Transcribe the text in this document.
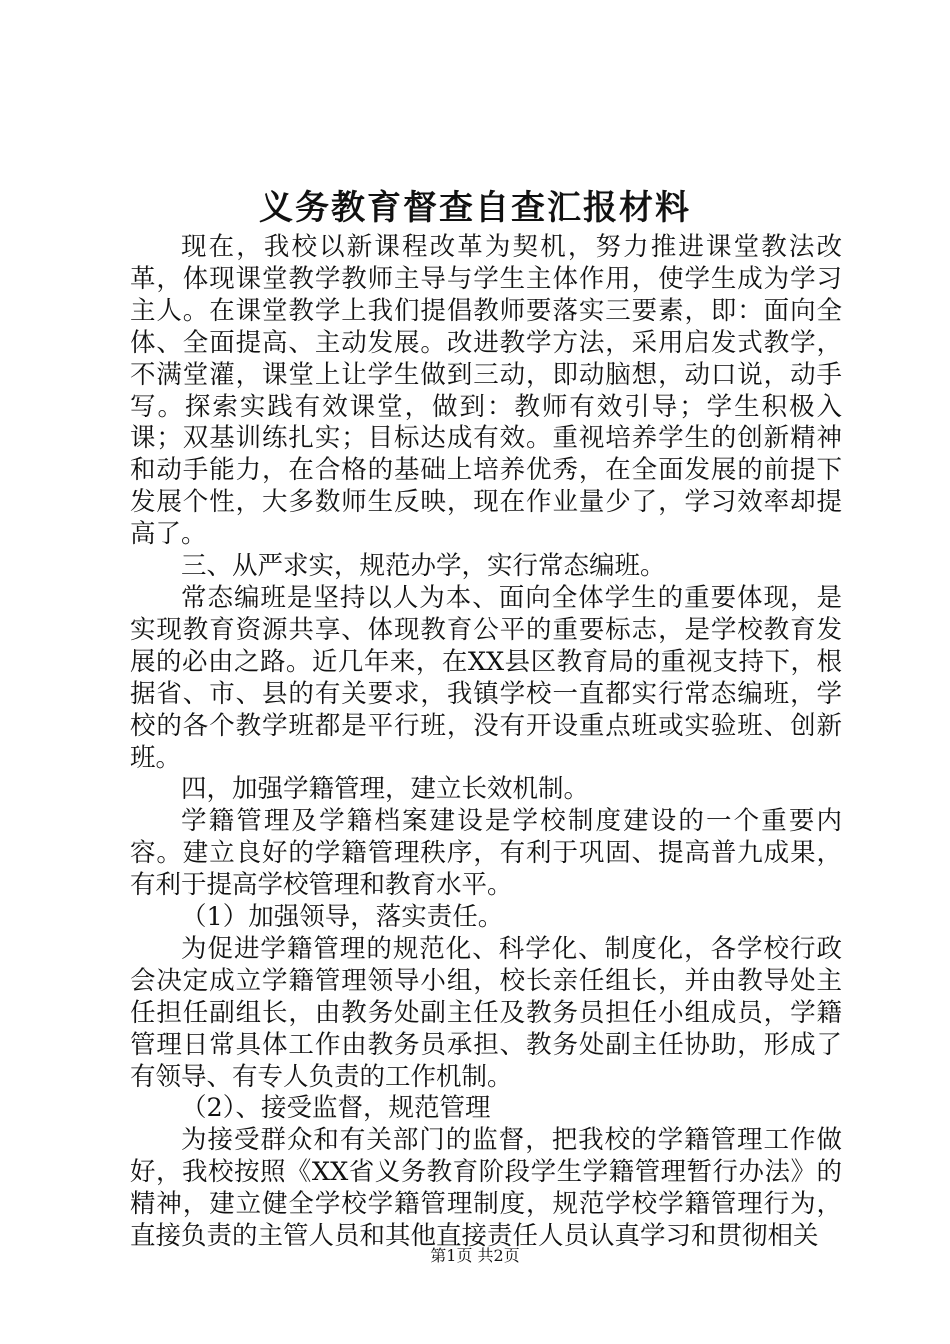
义务教育督查自查汇报材料

现在，我校以新课程改革为契机，努力推进课堂教法改革，体现课堂教学教师主导与学生主体作用，使学生成为学习主人。在课堂教学上我们提倡教师要落实三要素，即：面向全体、全面提高、主动发展。改进教学方法，采用启发式教学，不满堂灌，课堂上让学生做到三动，即动脑想，动口说，动手写。探索实践有效课堂，做到：教师有效引导；学生积极入课；双基训练扎实；目标达成有效。重视培养学生的创新精神和动手能力，在合格的基础上培养优秀，在全面发展的前提下发展个性，大多数师生反映，现在作业量少了，学习效率却提高了。

三、从严求实，规范办学，实行常态编班。

常态编班是坚持以人为本、面向全体学生的重要体现，是实现教育资源共享、体现教育公平的重要标志，是学校教育发展的必由之路。近几年来，在XX县区教育局的重视支持下，根据省、市、县的有关要求，我镇学校一直都实行常态编班，学校的各个教学班都是平行班，没有开设重点班或实验班、创新班。

四，加强学籍管理，建立长效机制。

学籍管理及学籍档案建设是学校制度建设的一个重要内容。建立良好的学籍管理秩序，有利于巩固、提高普九成果，有利于提高学校管理和教育水平。

（1）加强领导，落实责任。

为促进学籍管理的规范化、科学化、制度化，各学校行政会决定成立学籍管理领导小组，校长亲任组长，并由教导处主任担任副组长，由教务处副主任及教务员担任小组成员，学籍管理日常具体工作由教务员承担、教务处副主任协助，形成了有领导、有专人负责的工作机制。

（2）、接受监督，规范管理

为接受群众和有关部门的监督，把我校的学籍管理工作做好，我校按照《XX省义务教育阶段学生学籍管理暂行办法》的精神，建立健全学校学籍管理制度，规范学校学籍管理行为，直接负责的主管人员和其他直接责任人员认真学习和贯彻相关

第1页 共2页
